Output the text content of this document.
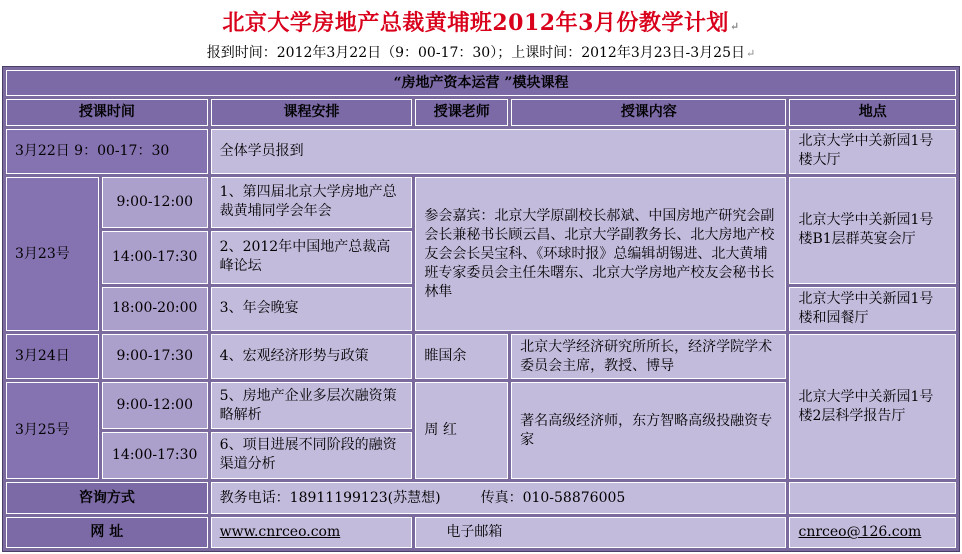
北京大学房地产总裁黄埔班2012年3月份教学计划↵
报到时间：2012年3月22日（9：00-17：30）；上课时间：2012年3月23日-3月25日↵
“房地产资本运营 ”模块课程					
授课时间		课程安排	授课老师	授课内容	地点
3月22日 9：00-17：30		全体学员报到			北京大学中关新园1号楼大厅
3月23号	9:00-12:00	1、第四届北京大学房地产总裁黄埔同学会年会	参会嘉宾：北京大学原副校长郝斌、中国房地产研究会副会长兼秘书长顾云昌、北京大学副教务长、北大房地产校友会会长吴宝科、《环球时报》总编辑胡锡进、北大黄埔班专家委员会主任朱曙东、北京大学房地产校友会秘书长林隼		北京大学中关新园1号楼B1层群英宴会厅
	14:00-17:30	2、2012年中国地产总裁高峰论坛			
	18:00-20:00	3、年会晚宴			北京大学中关新园1号楼和园餐厅
3月24日	9:00-17:30	4、宏观经济形势与政策	睢国余	北京大学经济研究所所长，经济学院学术委员会主席，教授、博导	北京大学中关新园1号楼2层科学报告厅
3月25号	9:00-12:00	5、房地产企业多层次融资策略解析	周 红	著名高级经济师，东方智略高级投融资专家	
	14:00-17:30	6、项目进展不同阶段的融资渠道分析			
咨询方式		教务电话：18911199123(苏慧想) 传真：010-58876005			
网 址		www.cnrceo.com	电子邮箱		cnrceo@126.com
